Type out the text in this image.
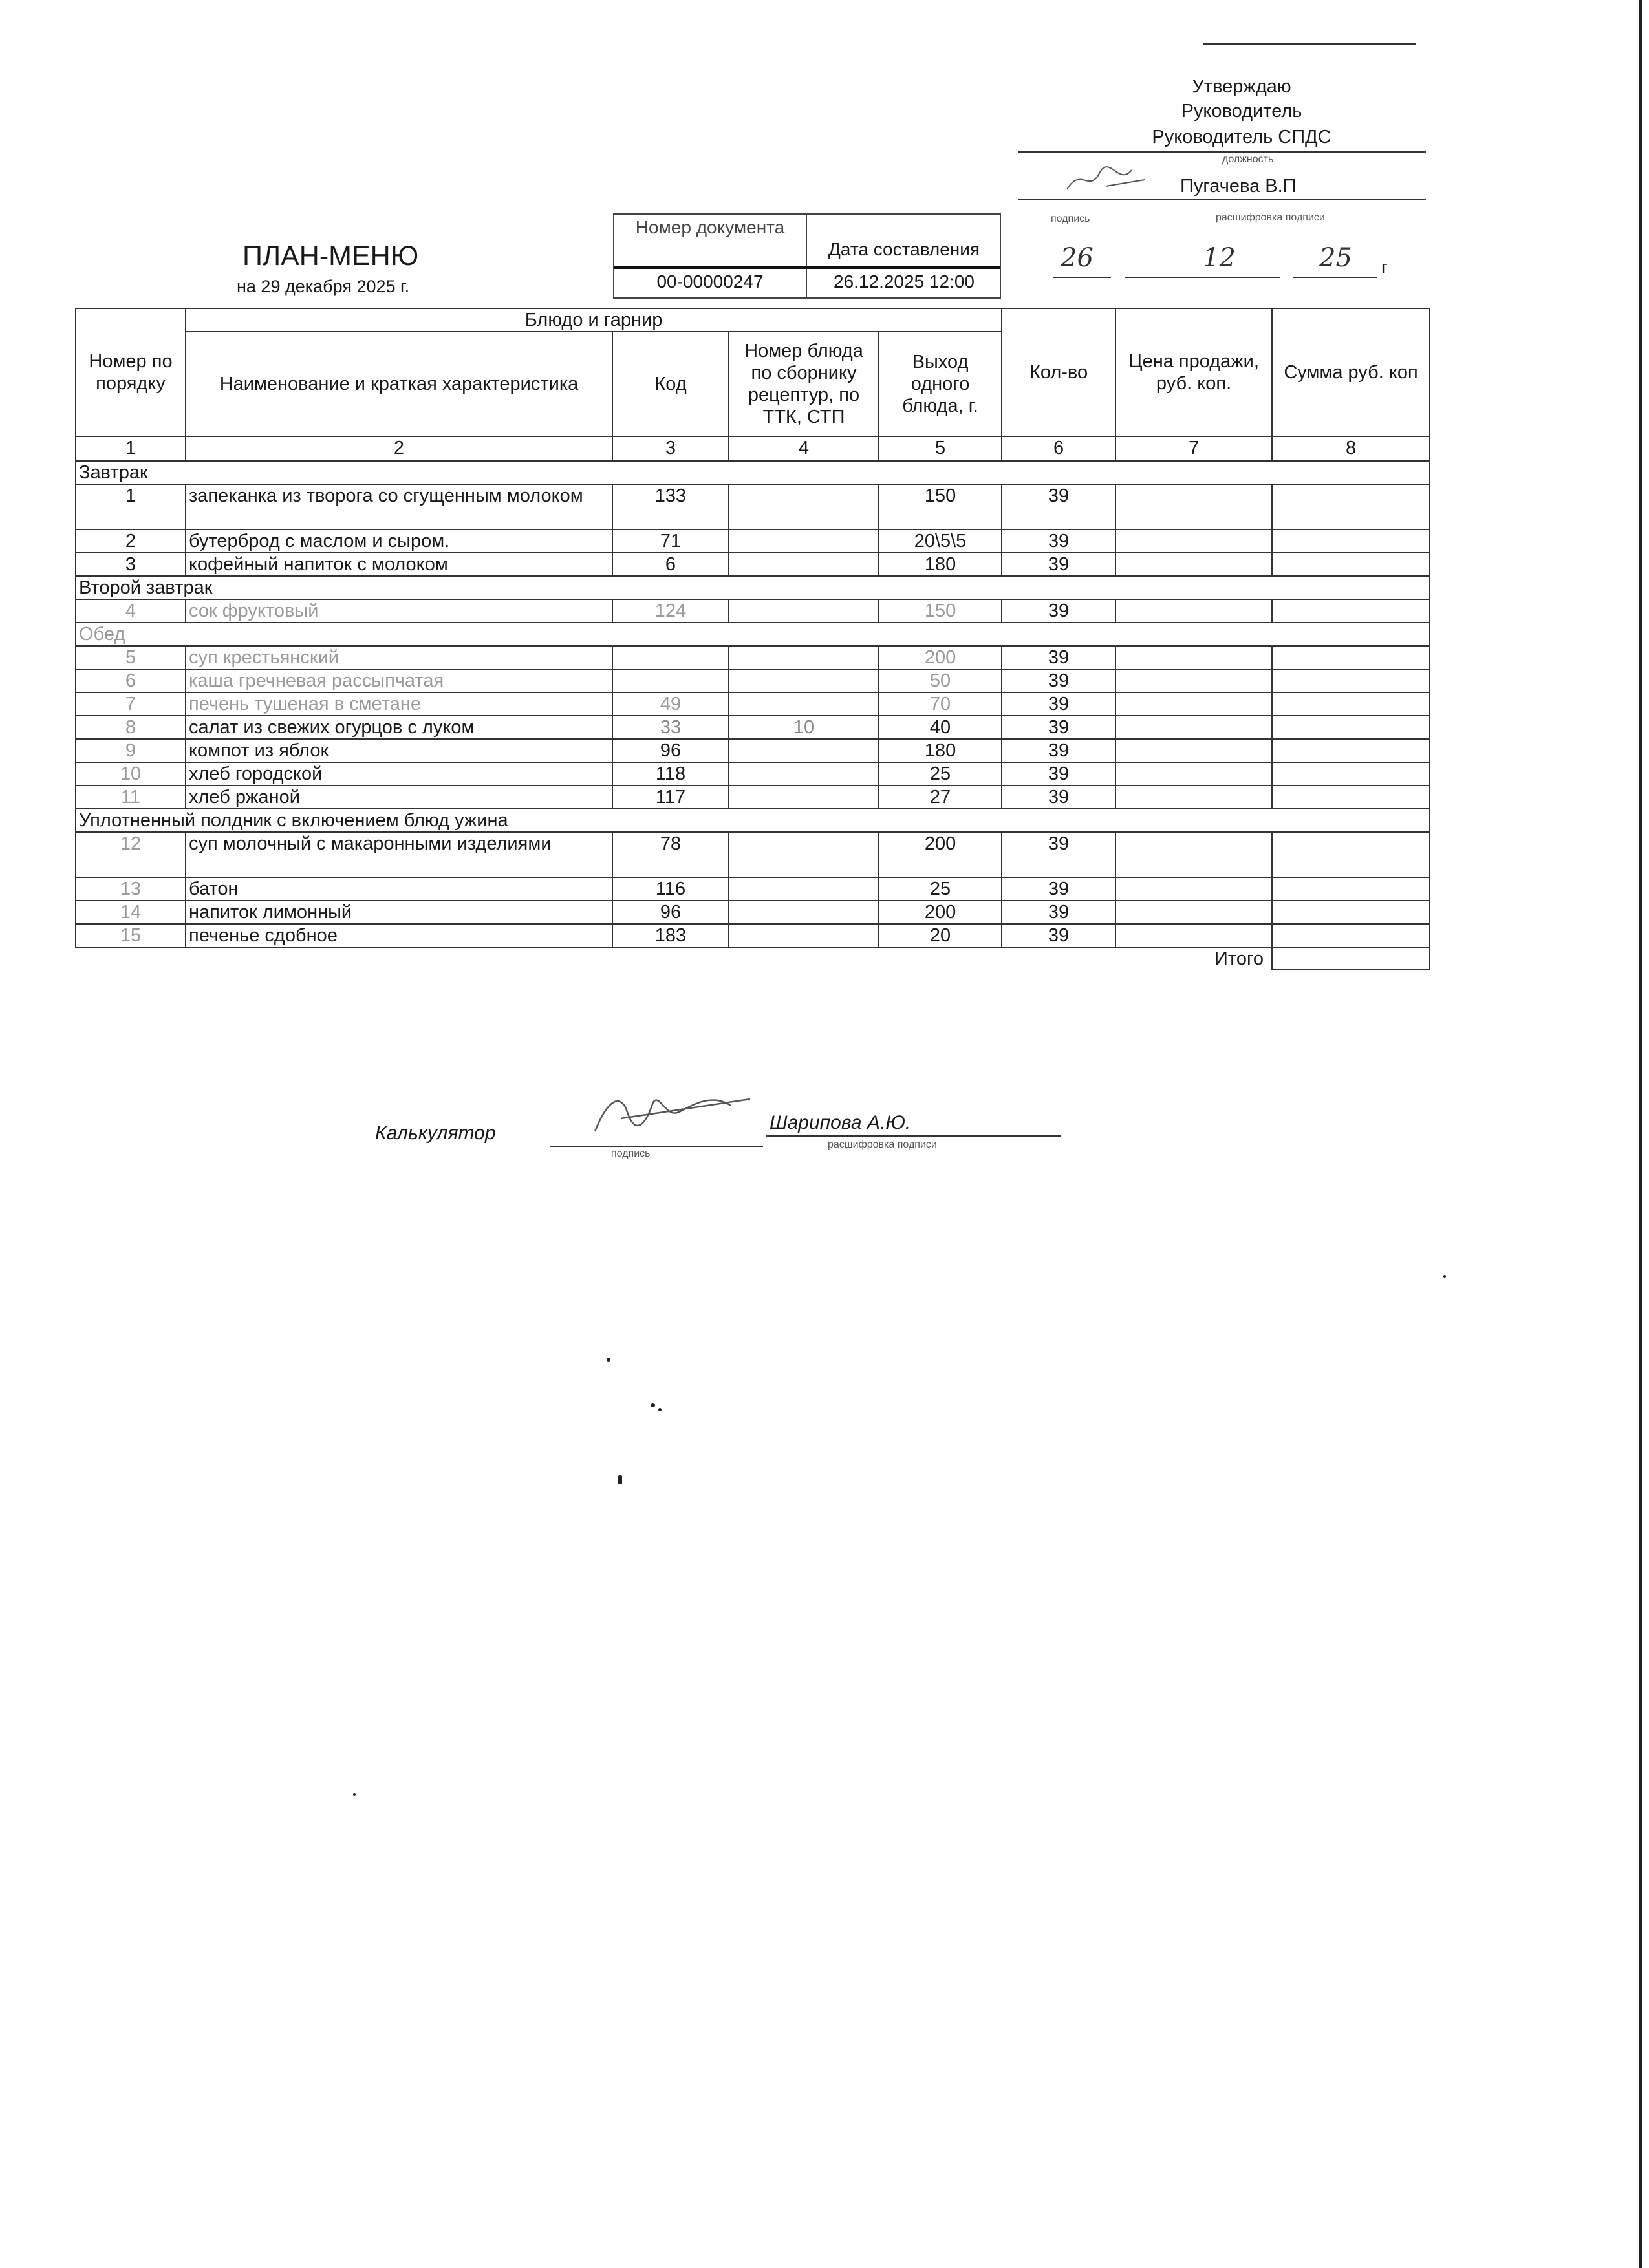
Утверждаю
Руководитель
Руководитель СПДС
должность
Пугачева В.П
подпись	расшифровка подписи
26	12	25 г
ПЛАН-МЕНЮ
на 29 декабря 2025 г.
Номер документа
Дата составления
00-00000247	26.12.2025 12:00
Номер по порядку	Блюдо и гарнир				Кол-во	Цена продажи, руб. коп.	Сумма руб. коп
	Наименование и краткая характеристика	Код	Номер блюда по сборнику рецептур, по ТТК, СТП	Выход одного блюда, г.			
1	2	3	4	5	6	7	8
Завтрак							
1	запеканка из творога со сгущенным молоком	133		150	39		
2	бутерброд с маслом и сыром.	71		20\5\5	39		
3	кофейный напиток с молоком	6		180	39		
Второй завтрак							
4	сок фруктовый	124		150	39		
Обед							
5	суп крестьянский			200	39		
6	каша гречневая рассыпчатая			50	39		
7	печень тушеная в сметане	49		70	39		
8	салат из свежих огурцов с луком	33	10	40	39		
9	компот из яблок	96		180	39		
10	хлеб городской	118		25	39		
11	хлеб ржаной	117		27	39		
Уплотненный полдник с включением блюд ужина							
12	суп молочный с макаронными изделиями	78		200	39		
13	батон	116		25	39		
14	напиток лимонный	96		200	39		
15	печенье сдобное	183		20	39		
Итого							
Калькулятор
подпись
Шарипова А.Ю.
расшифровка подписи
